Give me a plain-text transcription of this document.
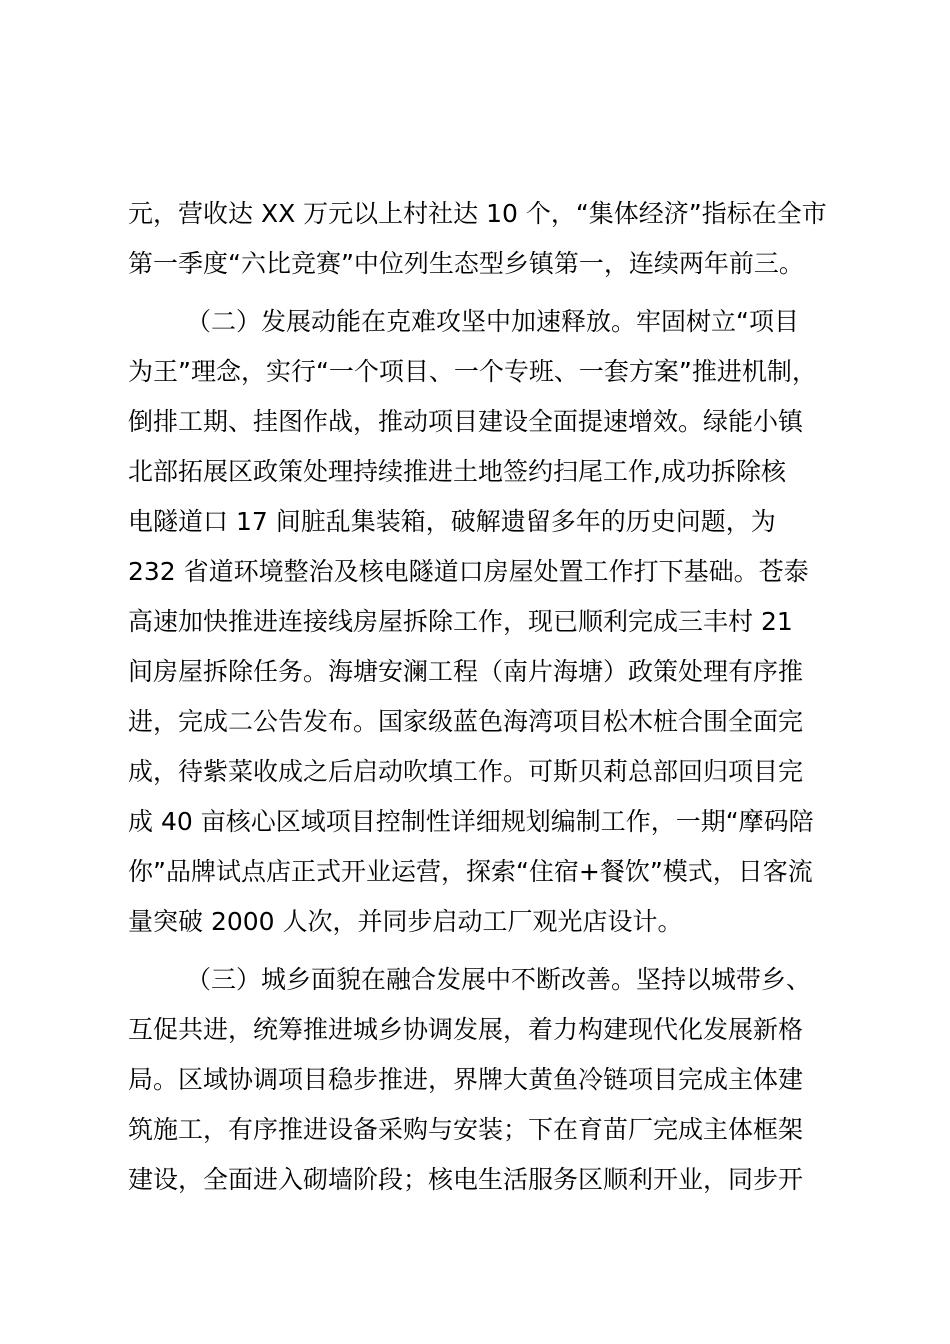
元，营收达 XX 万元以上村社达 10 个，“集体经济”指标在全市
第一季度“六比竞赛”中位列生态型乡镇第一，连续两年前三。
（二）发展动能在克难攻坚中加速释放。牢固树立“项目
为王”理念，实行“一个项目、一个专班、一套方案”推进机制，
倒排工期、挂图作战，推动项目建设全面提速增效。绿能小镇
北部拓展区政策处理持续推进土地签约扫尾工作,成功拆除核
电隧道口 17 间脏乱集装箱，破解遗留多年的历史问题，为
232 省道环境整治及核电隧道口房屋处置工作打下基础。苍泰
高速加快推进连接线房屋拆除工作，现已顺利完成三丰村 21
间房屋拆除任务。海塘安澜工程（南片海塘）政策处理有序推
进，完成二公告发布。国家级蓝色海湾项目松木桩合围全面完
成，待紫菜收成之后启动吹填工作。可斯贝莉总部回归项目完
成 40 亩核心区域项目控制性详细规划编制工作，一期“摩码陪
你”品牌试点店正式开业运营，探索“住宿+餐饮”模式，日客流
量突破 2000 人次，并同步启动工厂观光店设计。
（三）城乡面貌在融合发展中不断改善。坚持以城带乡、
互促共进，统筹推进城乡协调发展，着力构建现代化发展新格
局。区域协调项目稳步推进，界牌大黄鱼冷链项目完成主体建
筑施工，有序推进设备采购与安装；下在育苗厂完成主体框架
建设，全面进入砌墙阶段；核电生活服务区顺利开业，同步开
